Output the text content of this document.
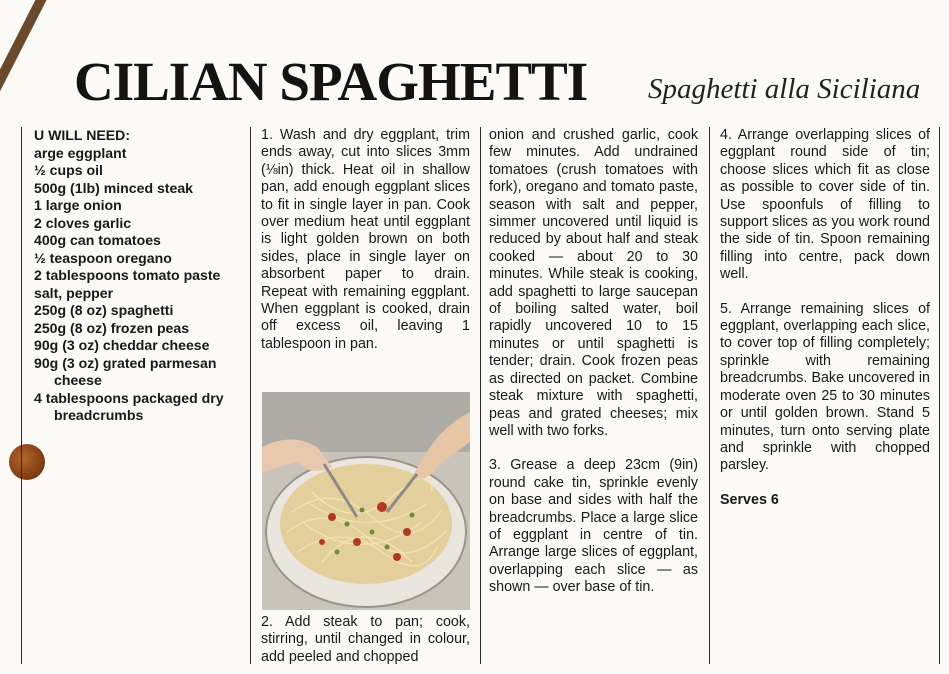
CILIAN SPAGHETTI Spaghetti alla Siciliana
U WILL NEED:
arge eggplant
½ cups oil
500g (1lb) minced steak
1 large onion
2 cloves garlic
400g can tomatoes
½ teaspoon oregano
2 tablespoons tomato paste
salt, pepper
250g (8 oz) spaghetti
250g (8 oz) frozen peas
90g (3 oz) cheddar cheese
90g (3 oz) grated parmesan
cheese
4 tablespoons packaged dry
breadcrumbs

1. Wash and dry eggplant, trim ends away, cut into slices 3mm (⅛in) thick. Heat oil in shallow pan, add enough eggplant slices to fit in single layer in pan. Cook over medium heat until eggplant is light golden brown on both sides, place in single layer on absorbent paper to drain. Repeat with remaining eggplant. When eggplant is cooked, drain off excess oil, leaving 1 tablespoon in pan.

2. Add steak to pan; cook, stirring, until changed in colour, add peeled and chopped

onion and crushed garlic, cook few minutes. Add undrained tomatoes (crush tomatoes with fork), oregano and tomato paste, season with salt and pepper, simmer uncovered until liquid is reduced by about half and steak cooked — about 20 to 30 minutes. While steak is cooking, add spaghetti to large saucepan of boiling salted water, boil rapidly uncovered 10 to 15 minutes or until spaghetti is tender; drain. Cook frozen peas as directed on packet. Combine steak mixture with spaghetti, peas and grated cheeses; mix well with two forks.

3. Grease a deep 23cm (9in) round cake tin, sprinkle evenly on base and sides with half the breadcrumbs. Place a large slice of eggplant in centre of tin. Arrange large slices of eggplant, overlapping each slice — as shown — over base of tin.

4. Arrange overlapping slices of eggplant round side of tin; choose slices which fit as close as possible to cover side of tin. Use spoonfuls of filling to support slices as you work round the side of tin. Spoon remaining filling into centre, pack down well.

5. Arrange remaining slices of eggplant, overlapping each slice, to cover top of filling completely; sprinkle with remaining breadcrumbs. Bake uncovered in moderate oven 25 to 30 minutes or until golden brown. Stand 5 minutes, turn onto serving plate and sprinkle with chopped parsley.

Serves 6
